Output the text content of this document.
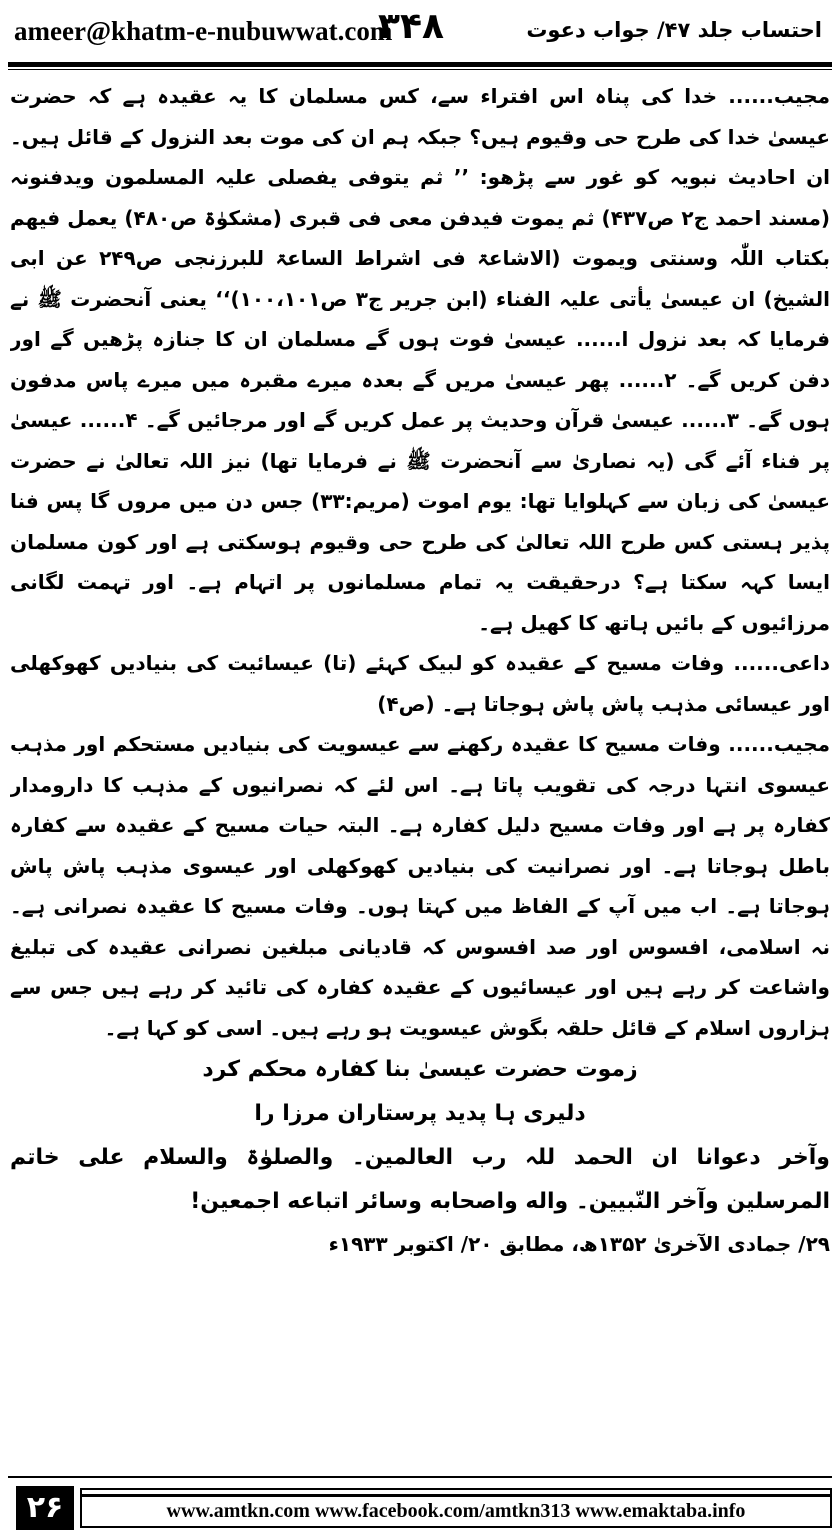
ameer@khatm-e-nubuwwat.com
۳۴۸	احتساب جلد ۴۷/ جواب دعوت

مجیب...... خدا کی پناہ اس افتراء سے، کس مسلمان کا یہ عقیدہ ہے کہ حضرت عیسیٰ خدا کی طرح حی وقیوم ہیں؟ جبکہ ہم ان کی موت بعد النزول کے قائل ہیں۔ ان احادیث نبویہ کو غور سے پڑھو: ’’ ثم یتوفی یفصلی علیہ المسلمون ویدفنونہ (مسند احمد ج۲ ص۴۳۷) ثم یموت فیدفن معی فی قبری (مشکوٰۃ ص۴۸۰) یعمل فیھم بکتاب اللّٰہ وسنتی ویموت (الاشاعۃ فی اشراط الساعۃ للبرزنجی ص۲۴۹ عن ابی الشیخ) ان عیسیٰ یأتی علیہ الفناء (ابن جریر ج۳ ص۱۰۰،۱۰۱)‘‘ یعنی آنحضرت ﷺ نے فرمایا کہ بعد نزول ا...... عیسیٰ فوت ہوں گے مسلمان ان کا جنازہ پڑھیں گے اور دفن کریں گے۔ ۲...... پھر عیسیٰ مریں گے بعدہ میرے مقبرہ میں میرے پاس مدفون ہوں گے۔ ۳...... عیسیٰ قرآن وحدیث پر عمل کریں گے اور مرجائیں گے۔ ۴...... عیسیٰ پر فناء آئے گی (یہ نصاریٰ سے آنحضرت ﷺ نے فرمایا تھا) نیز اللہ تعالیٰ نے حضرت عیسیٰ کی زبان سے کہلوایا تھا: یوم اموت (مریم:۳۳) جس دن میں مروں گا پس فنا پذیر ہستی کس طرح اللہ تعالیٰ کی طرح حی وقیوم ہوسکتی ہے اور کون مسلمان ایسا کہہ سکتا ہے؟ درحقیقت یہ تمام مسلمانوں پر اتہام ہے۔ اور تہمت لگانی مرزائیوں کے بائیں ہاتھ کا کھیل ہے۔

داعی...... وفات مسیح کے عقیدہ کو لبیک کہئے (تا) عیسائیت کی بنیادیں کھوکھلی اور عیسائی مذہب پاش پاش ہوجاتا ہے۔ (ص۴)

مجیب...... وفات مسیح کا عقیدہ رکھنے سے عیسویت کی بنیادیں مستحکم اور مذہب عیسوی انتہا درجہ کی تقویب پاتا ہے۔ اس لئے کہ نصرانیوں کے مذہب کا دارومدار کفارہ پر ہے اور وفات مسیح دلیل کفارہ ہے۔ البتہ حیات مسیح کے عقیدہ سے کفارہ باطل ہوجاتا ہے۔ اور نصرانیت کی بنیادیں کھوکھلی اور عیسوی مذہب پاش پاش ہوجاتا ہے۔ اب میں آپ کے الفاظ میں کہتا ہوں۔ وفات مسیح کا عقیدہ نصرانی ہے۔ نہ اسلامی، افسوس اور صد افسوس کہ قادیانی مبلغین نصرانی عقیدہ کی تبلیغ واشاعت کر رہے ہیں اور عیسائیوں کے عقیدہ کفارہ کی تائید کر رہے ہیں جس سے ہزاروں اسلام کے قائل حلقہ بگوش عیسویت ہو رہے ہیں۔ اسی کو کہا ہے۔

زموت حضرت عیسیٰ بنا کفارہ محکم کرد

دلیری ہا پدید پرستاران مرزا را

وآخر دعوانا ان الحمد للہ رب العالمین۔ والصلوٰۃ والسلام علی خاتم المرسلین وآخر النّبیین۔ واله واصحابه وسائر اتباعه اجمعین!

۲۹/ جمادی الآخریٰ ۱۳۵۲ھ، مطابق ۲۰/ اکتوبر ۱۹۳۳ء

۲۶	www.amtkn.com www.facebook.com/amtkn313 www.emaktaba.info
